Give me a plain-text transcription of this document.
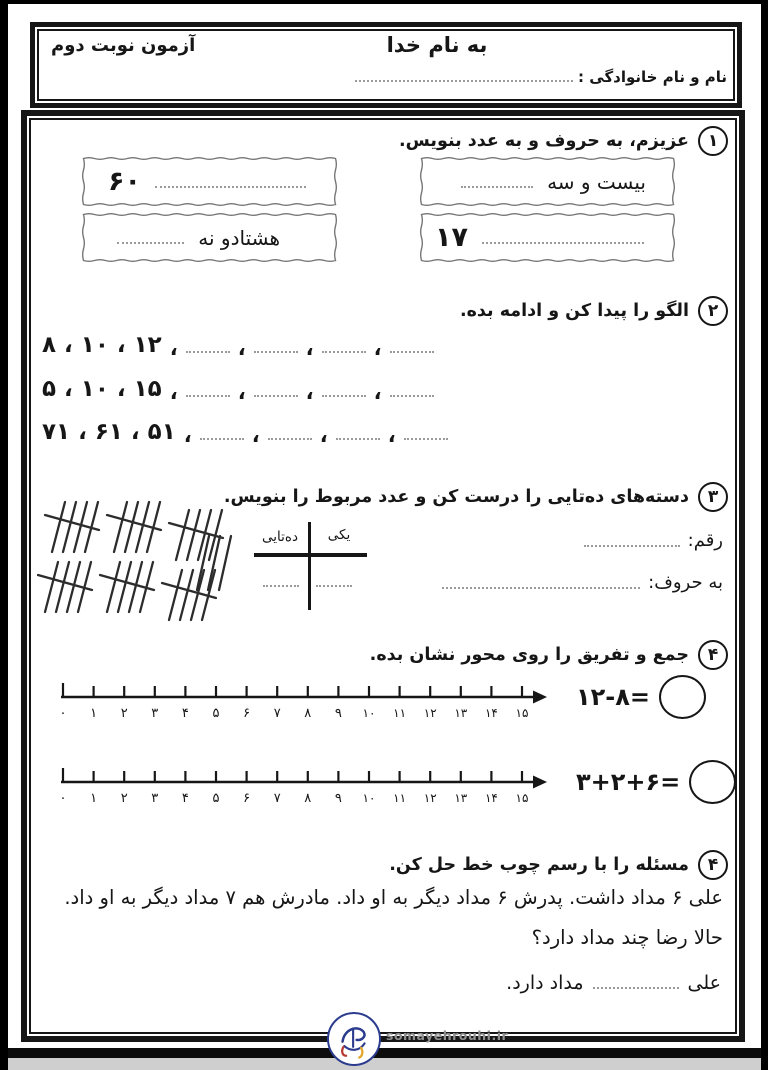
به نام خدا
آزمون نوبت دوم
نام و نام خانوادگی :
۱
عزیزم، به حروف و به عدد بنویس.
بیست و سه
۶۰
۱۷
هشتادو نه
۲
الگو را پیدا کن و ادامه بده.
۸ ، ۱۰ ، ۱۲ ،	،	،	،
۵ ، ۱۰ ، ۱۵ ،	،	،	،
۷۱ ، ۶۱ ، ۵۱ ،	،	،	،
۳
دسته‌های ده‌تایی را درست کن و عدد مربوط را بنویس.
ده‌تایی	یکی	رقم:
به حروف:
۴
جمع و تفریق را روی محور نشان بده.
۰ ۱ ۲ ۳ ۴ ۵ ۶ ۷ ۸ ۹ ۱۰ ۱۱ ۱۲ ۱۳ ۱۴ ۱۵
۱۲-۸=
۰ ۱ ۲ ۳ ۴ ۵ ۶ ۷ ۸ ۹ ۱۰ ۱۱ ۱۲ ۱۳ ۱۴ ۱۵
۳+۲+۶=
۴
مسئله را با رسم چوب خط حل کن.
علی ۶ مداد داشت. پدرش ۶ مداد دیگر به او داد. مادرش هم ۷ مداد دیگر به او داد. حالا رضا چند مداد دارد؟
علی
مداد دارد.
somayehrouhi.ir
